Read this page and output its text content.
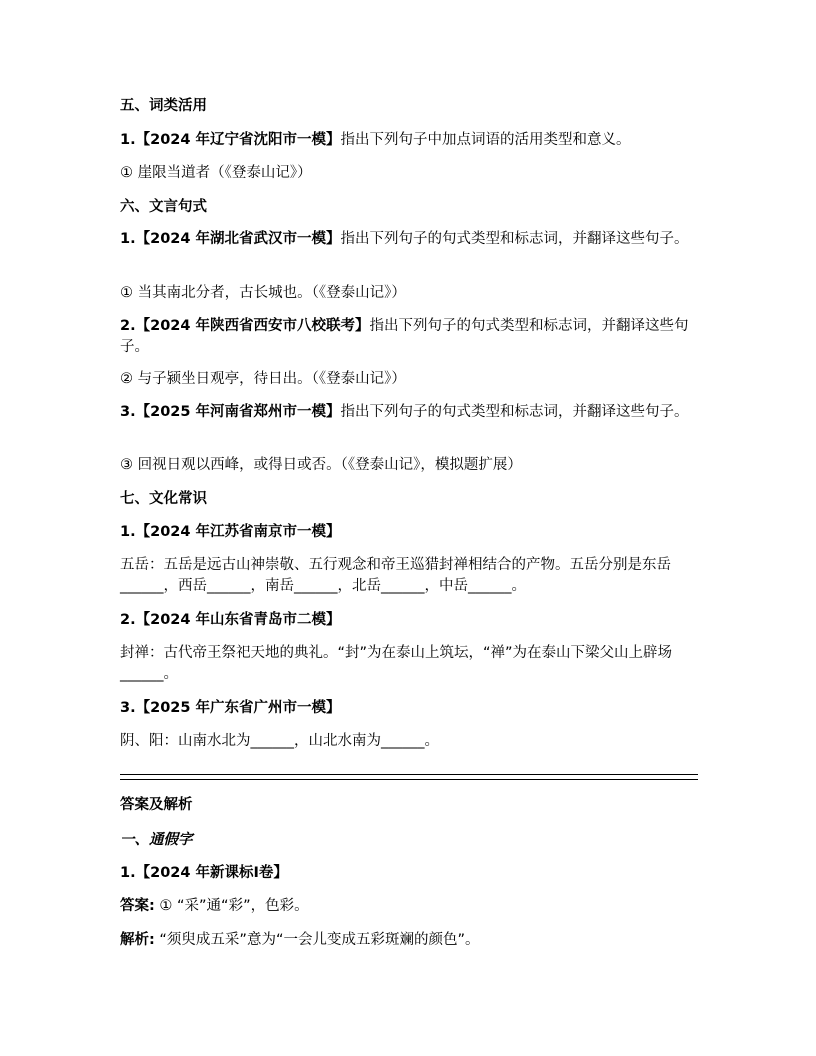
五、词类活用

1.【2024 年辽宁省沈阳市一模】指出下列句子中加点词语的活用类型和意义。

① 崖限当道者（《登泰山记》）

六、文言句式

1.【2024 年湖北省武汉市一模】指出下列句子的句式类型和标志词，并翻译这些句子。

① 当其南北分者，古长城也。（《登泰山记》）

2.【2024 年陕西省西安市八校联考】指出下列句子的句式类型和标志词，并翻译这些句子。

② 与子颍坐日观亭，待日出。（《登泰山记》）

3.【2025 年河南省郑州市一模】指出下列句子的句式类型和标志词，并翻译这些句子。

③ 回视日观以西峰，或得日或否。（《登泰山记》，模拟题扩展）

七、文化常识

1.【2024 年江苏省南京市一模】

五岳：五岳是远古山神崇敬、五行观念和帝王巡猎封禅相结合的产物。五岳分别是东岳______，西岳______，南岳______，北岳______，中岳______。

2.【2024 年山东省青岛市二模】

封禅：古代帝王祭祀天地的典礼。“封”为在泰山上筑坛，“禅”为在泰山下梁父山上辟场______。

3.【2025 年广东省广州市一模】

阴、阳：山南水北为______，山北水南为______。

答案及解析

一、通假字

1.【2024 年新课标Ⅰ卷】

答案: ① “采”通“彩”，色彩。

解析: “须臾成五采”意为“一会儿变成五彩斑斓的颜色”。
